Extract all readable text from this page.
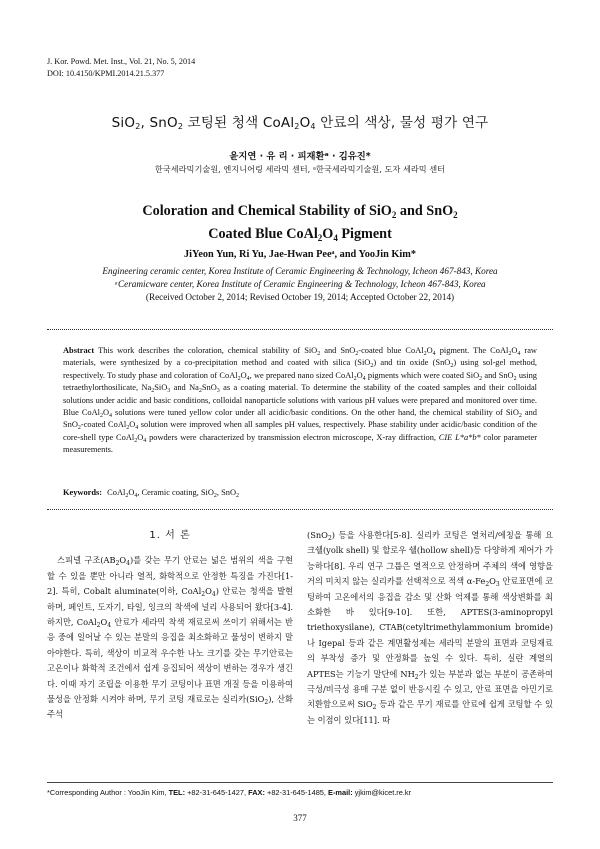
J. Kor. Powd. Met. Inst., Vol. 21, No. 5, 2014
DOI: 10.4150/KPMI.2014.21.5.377
SiO$_2$, SnO$_2$ 코팅된 청색 $CoAl_2O_4$ 안료의 색상, 물성 평가 연구
윤지연 · 유 리 · 피재환ᵃ · 김유진*
한국세라믹기술원, 엔지니어링 세라믹 센터, ᵃ한국세라믹기술원, 도자 세라믹 센터
Coloration and Chemical Stability of SiO$_2$ and SnO$_2$
Coated Blue $CoAl_2O_4$ Pigment
JiYeon Yun, Ri Yu, Jae-Hwan Peeᵃ, and YooJin Kim*
Engineering ceramic center, Korea Institute of Ceramic Engineering & Technology, Icheon 467-843, Korea
ᵃCeramicware center, Korea Institute of Ceramic Engineering & Technology, Icheon 467-843, Korea
(Received October 2, 2014; Revised October 19, 2014; Accepted October 22, 2014)
Abstract This work describes the coloration, chemical stability of SiO$_2$ and SnO$_2$-coated blue $CoAl_2O_4$ pigment. The $CoAl_2O_4$ raw materials, were synthesized by a co-precipitation method and coated with silica (SiO$_2$) and tin oxide (SnO$_2$) using sol-gel method, respectively. To study phase and coloration of $CoAl_2O_4$, we prepared nano sized $CoAl_2O_4$ pigments which were coated SiO$_2$ and SnO$_2$ using tetraethylorthosilicate, $Na_2SiO_3$ and $Na_2SnO_3$ as a coating material. To determine the stability of the coated samples and their colloidal solutions under acidic and basic conditions, colloidal nanoparticle solutions with various pH values were prepared and monitored over time. Blue $CoAl_2O_4$ solutions were tuned yellow color under all acidic/basic conditions. On the other hand, the chemical stability of SiO$_2$ and SnO$_2$-coated $CoAl_2O_4$ solution were improved when all samples pH values, respectively. Phase stability under acidic/basic condition of the core-shell type $CoAl_2O_4$ powders were characterized by transmission electron microscope, X-ray diffraction, CIE L*a*b* color parameter measurements.
Keywords: $CoAl_2O_4$, Ceramic coating, SiO$_2$, SnO$_2$
1. 서 론

스피넬 구조$(AB_2O_4)$를 갖는 무기 안료는 넓은 범위의 색을 구현할 수 있을 뿐만 아니라 열적, 화학적으로 안정한 특징을 가진다[1-2]. 특히, Cobalt aluminate(이하, $CoAl_2O_4$) 안료는 청색을 발현하며, 페인트, 도자기, 타일, 잉크의 착색에 널리 사용되어 왔다[3-4]. 하지만, $CoAl_2O_4$ 안료가 세라믹 착색 재료로써 쓰이기 위해서는 반응 중에 일어날 수 있는 분말의 응집을 최소화하고 물성이 변하지 말아야한다. 특히, 색상이 비교적 우수한 나노 크기를 갖는 무기안료는 고온이나 화학적 조건에서 쉽게 응집되어 색상이 변하는 경우가 생긴다. 이때 자기 조립을 이용한 무기 코팅이나 표면 개질 등을 이용하여 물성을 안정화 시켜야 하며, 무기 코팅 재료로는 실리카(SiO$_2$), 산화주석

(SnO$_2$) 등을 사용한다[5-8]. 실리카 코팅은 열처리/에칭을 통해 요크쉘(yolk shell) 및 할로우 쉘(hollow shell)등 다양하게 제어가 가능하다[8]. 우리 연구 그룹은 열적으로 안정하며 주체의 색에 영향을 거의 미치지 않는 실리카를 선택적으로 적색 $\alpha-Fe_2O_3$ 안료표면에 코팅하여 고온에서의 응집을 감소 및 산화 억제를 통해 색상변화를 최소화한 바 있다[9-10]. 또한, APTES(3-aminopropyl triethoxysilane), CTAB(cetyltrimethylammonium bromide)나 Igepal 등과 같은 계면활성제는 세라믹 분말의 표면과 코팅재료의 부착성 증가 및 안정화를 높일 수 있다. 특히, 실란 계열의 APTES는 기능기 말단에 $NH_2$가 있는 부분과 없는 부분이 공존하여 극성/비극성 용매 구분 없이 반응시킬 수 있고, 안료 표면을 아민기로 치환함으로써 SiO$_2$ 등과 같은 무기 재료를 안료에 쉽게 코팅할 수 있는 이점이 있다[11]. 따

*Corresponding Author : YooJin Kim, TEL: +82-31-645-1427, FAX: +82-31-645-1485, E-mail: yjkim@kicet.re.kr
377
